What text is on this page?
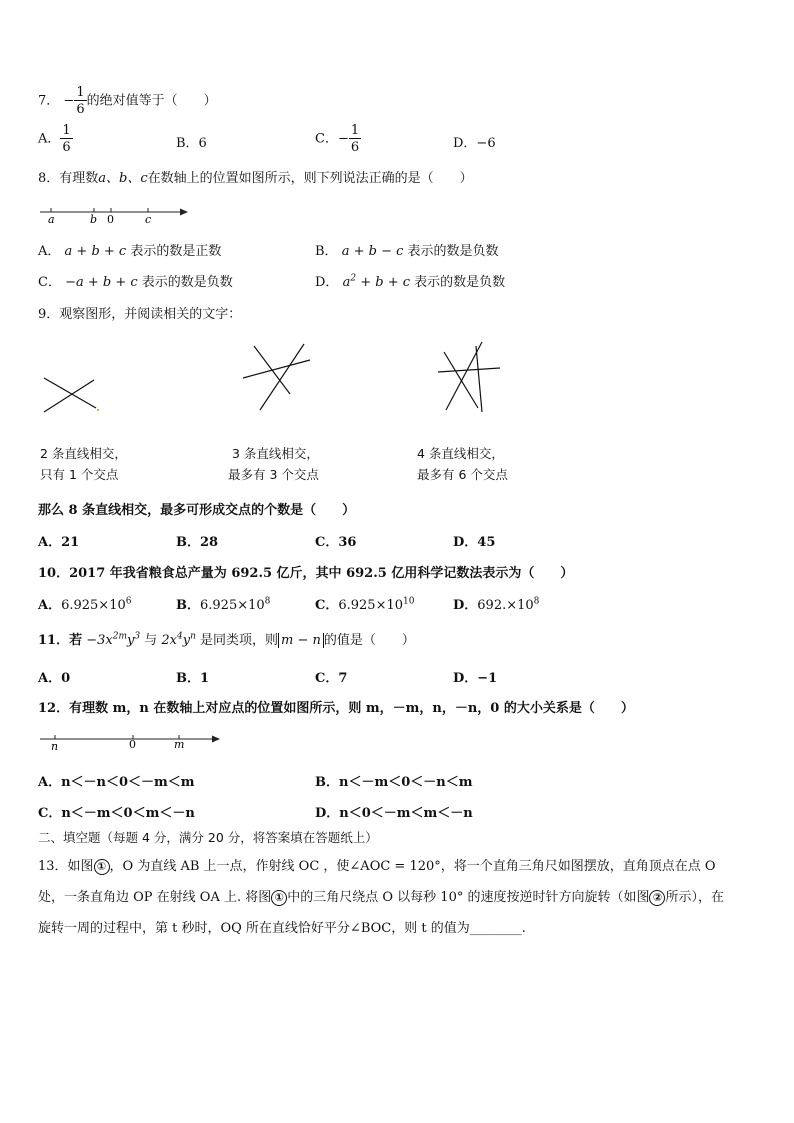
7． − $\frac{1}{6}$ 的绝对值等于（　　）
A． $\frac{1}{6}$	B．6	C．− $\frac{1}{6}$	D．−6
8．有理数a、b、c在数轴上的位置如图所示，则下列说法正确的是（　　）
a	b 0	c
A． a + b + c 表示的数是正数	B． a + b − c 表示的数是负数
C． −a + b + c 表示的数是负数	D． $a^2 + b + c$ 表示的数是负数
9．观察图形，并阅读相关的文字：
2 条直线相交，
只有 1 个交点
3 条直线相交，
最多有 3 个交点
4 条直线相交，
最多有 6 个交点
那么 8 条直线相交，最多可形成交点的个数是（　　）
A．21	B．28	C．36	D．45
10．2017 年我省粮食总产量为 692.5 亿斤，其中 692.5 亿用科学记数法表示为（　　）
A．$6.925\times 10^6$	B．$6.925\times 10^8$	C．$6.925\times 10^{10}$	D．$692.\times 10^8$
11．若 $-3x^{2m}y^3$ 与 $2x^4y^n$ 是同类项，则 m − n 的值是（　　）
A．0	B．1	C．7	D．−1
12．有理数 m，n 在数轴上对应点的位置如图所示，则 m，－m，n，－n，0 的大小关系是（　　）
n	0	m
A．n＜－n＜0＜－m＜m	B．n＜－m＜0＜－n＜m
C．n＜－m＜0＜m＜－n	D．n＜0＜－m＜m＜－n
二、填空题（每题 4 分，满分 20 分，将答案填在答题纸上）
13．如图 ① ，O 为直线 AB 上一点，作射线 OC ，使∠AOC = 120°，将一个直角三角尺如图摆放，直角顶点在点 O
处，一条直角边 OP 在射线 OA 上. 将图 ① 中的三角尺绕点 O 以每秒 10° 的速度按逆时针方向旋转（如图 ② 所示），在
旋转一周的过程中，第 t 秒时，OQ 所在直线恰好平分∠BOC，则 t 的值为________.
